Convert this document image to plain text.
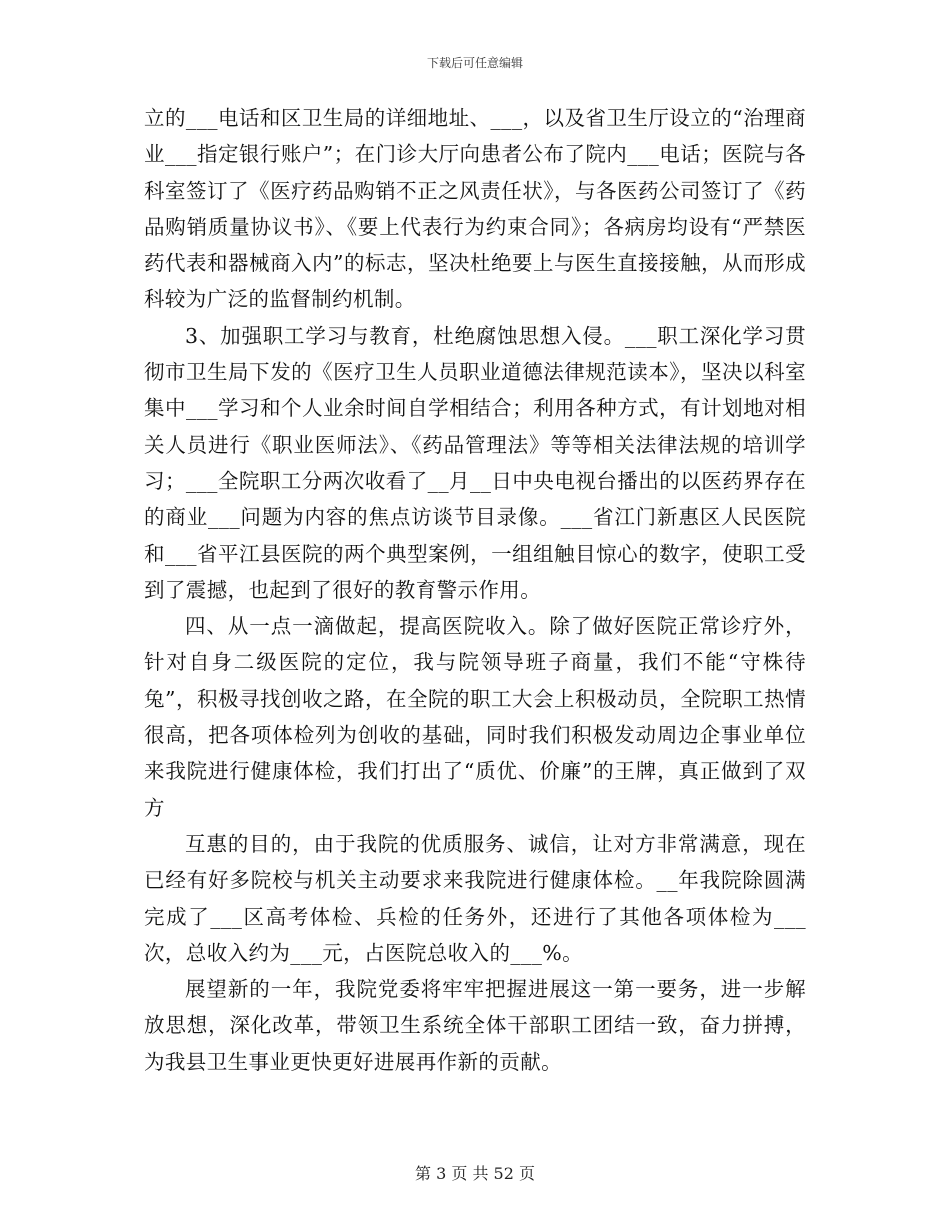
下载后可任意编辑

立的___电话和区卫生局的详细地址、___，以及省卫生厅设立的“治理商业___指定银行账户”；在门诊大厅向患者公布了院内___电话；医院与各科室签订了《医疗药品购销不正之风责任状》，与各医药公司签订了《药品购销质量协议书》、《要上代表行为约束合同》；各病房均设有“严禁医药代表和器械商入内”的标志，坚决杜绝要上与医生直接接触，从而形成科较为广泛的监督制约机制。

3、加强职工学习与教育，杜绝腐蚀思想入侵。___职工深化学习贯彻市卫生局下发的《医疗卫生人员职业道德法律规范读本》，坚决以科室集中___学习和个人业余时间自学相结合；利用各种方式，有计划地对相关人员进行《职业医师法》、《药品管理法》等等相关法律法规的培训学习；___全院职工分两次收看了__月__日中央电视台播出的以医药界存在的商业___问题为内容的焦点访谈节目录像。___省江门新惠区人民医院和___省平江县医院的两个典型案例，一组组触目惊心的数字，使职工受到了震撼，也起到了很好的教育警示作用。

四、从一点一滴做起，提高医院收入。除了做好医院正常诊疗外，针对自身二级医院的定位，我与院领导班子商量，我们不能“守株待兔”，积极寻找创收之路，在全院的职工大会上积极动员，全院职工热情很高，把各项体检列为创收的基础，同时我们积极发动周边企事业单位来我院进行健康体检，我们打出了“质优、价廉”的王牌，真正做到了双方

互惠的目的，由于我院的优质服务、诚信，让对方非常满意，现在已经有好多院校与机关主动要求来我院进行健康体检。__年我院除圆满完成了___区高考体检、兵检的任务外，还进行了其他各项体检为___次，总收入约为___元，占医院总收入的___%。

展望新的一年，我院党委将牢牢把握进展这一第一要务，进一步解放思想，深化改革，带领卫生系统全体干部职工团结一致，奋力拼搏，为我县卫生事业更快更好进展再作新的贡献。

第 3 页 共 52 页
